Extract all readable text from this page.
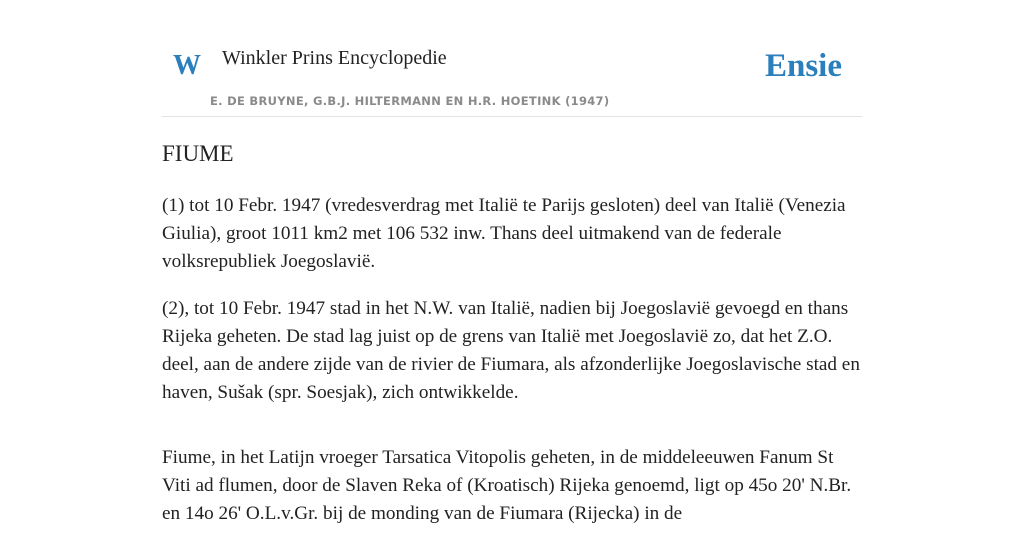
W Winkler Prins Encyclopedie
E. DE BRUYNE, G.B.J. HILTERMANN EN H.R. HOETINK (1947)
Ensie
FIUME

(1) tot 10 Febr. 1947 (vredesverdrag met Italië te Parijs gesloten) deel van Italië (Venezia Giulia), groot 1011 km2 met 106 532 inw. Thans deel uitmakend van de federale volksrepubliek Joegoslavië.

(2), tot 10 Febr. 1947 stad in het N.W. van Italië, nadien bij Joegoslavië gevoegd en thans Rijeka geheten. De stad lag juist op de grens van Italië met Joegoslavië zo, dat het Z.O. deel, aan de andere zijde van de rivier de Fiumara, als afzonderlijke Joegoslavische stad en haven, Sušak (spr. Soesjak), zich ontwikkelde.

Fiume, in het Latijn vroeger Tarsatica Vitopolis geheten, in de middeleeuwen Fanum St Viti ad flumen, door de Slaven Reka of (Kroatisch) Rijeka genoemd, ligt op 45o 20' N.Br. en 14o 26' O.L.v.Gr. bij de monding van de Fiumara (Rijecka) in de
